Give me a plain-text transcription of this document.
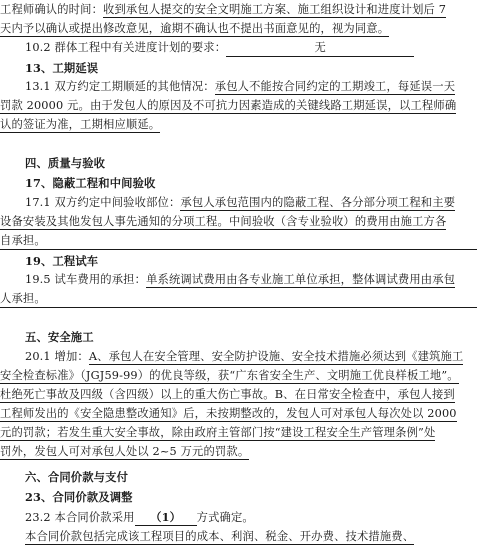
工程师确认的时间：收到承包人提交的安全文明施工方案、施工组织设计和进度计划后 7
天内予以确认或提出修改意见，逾期不确认也不提出书面意见的，视为同意。
10.2 群体工程中有关进度计划的要求：	无
13、工期延误
13.1 双方约定工期顺延的其他情况：承包人不能按合同约定的工期竣工，每延误一天
罚款 20000 元。由于发包人的原因及不可抗力因素造成的关键线路工期延误，以工程师确
认的签证为准，工期相应顺延。
四、质量与验收
17、隐蔽工程和中间验收
17.1 双方约定中间验收部位：承包人承包范围内的隐蔽工程、各分部分项工程和主要
设备安装及其他发包人事先通知的分项工程。中间验收（含专业验收）的费用由施工方各
自承担。
19、工程试车
19.5 试车费用的承担：单系统调试费用由各专业施工单位承担，整体调试费用由承包
人承担。
五、安全施工
20.1 增加：A、承包人在安全管理、安全防护设施、安全技术措施必须达到《建筑施工
安全检查标准》（JGJ59-99）的优良等级，获“广东省安全生产、文明施工优良样板工地”。
杜绝死亡事故及四级（含四级）以上的重大伤亡事故。B、在日常安全检查中，承包人接到
工程师发出的《安全隐患整改通知》后，未按期整改的，发包人可对承包人每次处以 2000
元的罚款；若发生重大安全事故，除由政府主管部门按“建设工程安全生产管理条例”处
罚外，发包人可对承包人处以 2~5 万元的罚款。
六、合同价款与支付
23、合同价款及调整
23.2 本合同价款采用 （1） 方式确定。
本合同价款包括完成该工程项目的成本、利润、税金、开办费、技术措施费、
